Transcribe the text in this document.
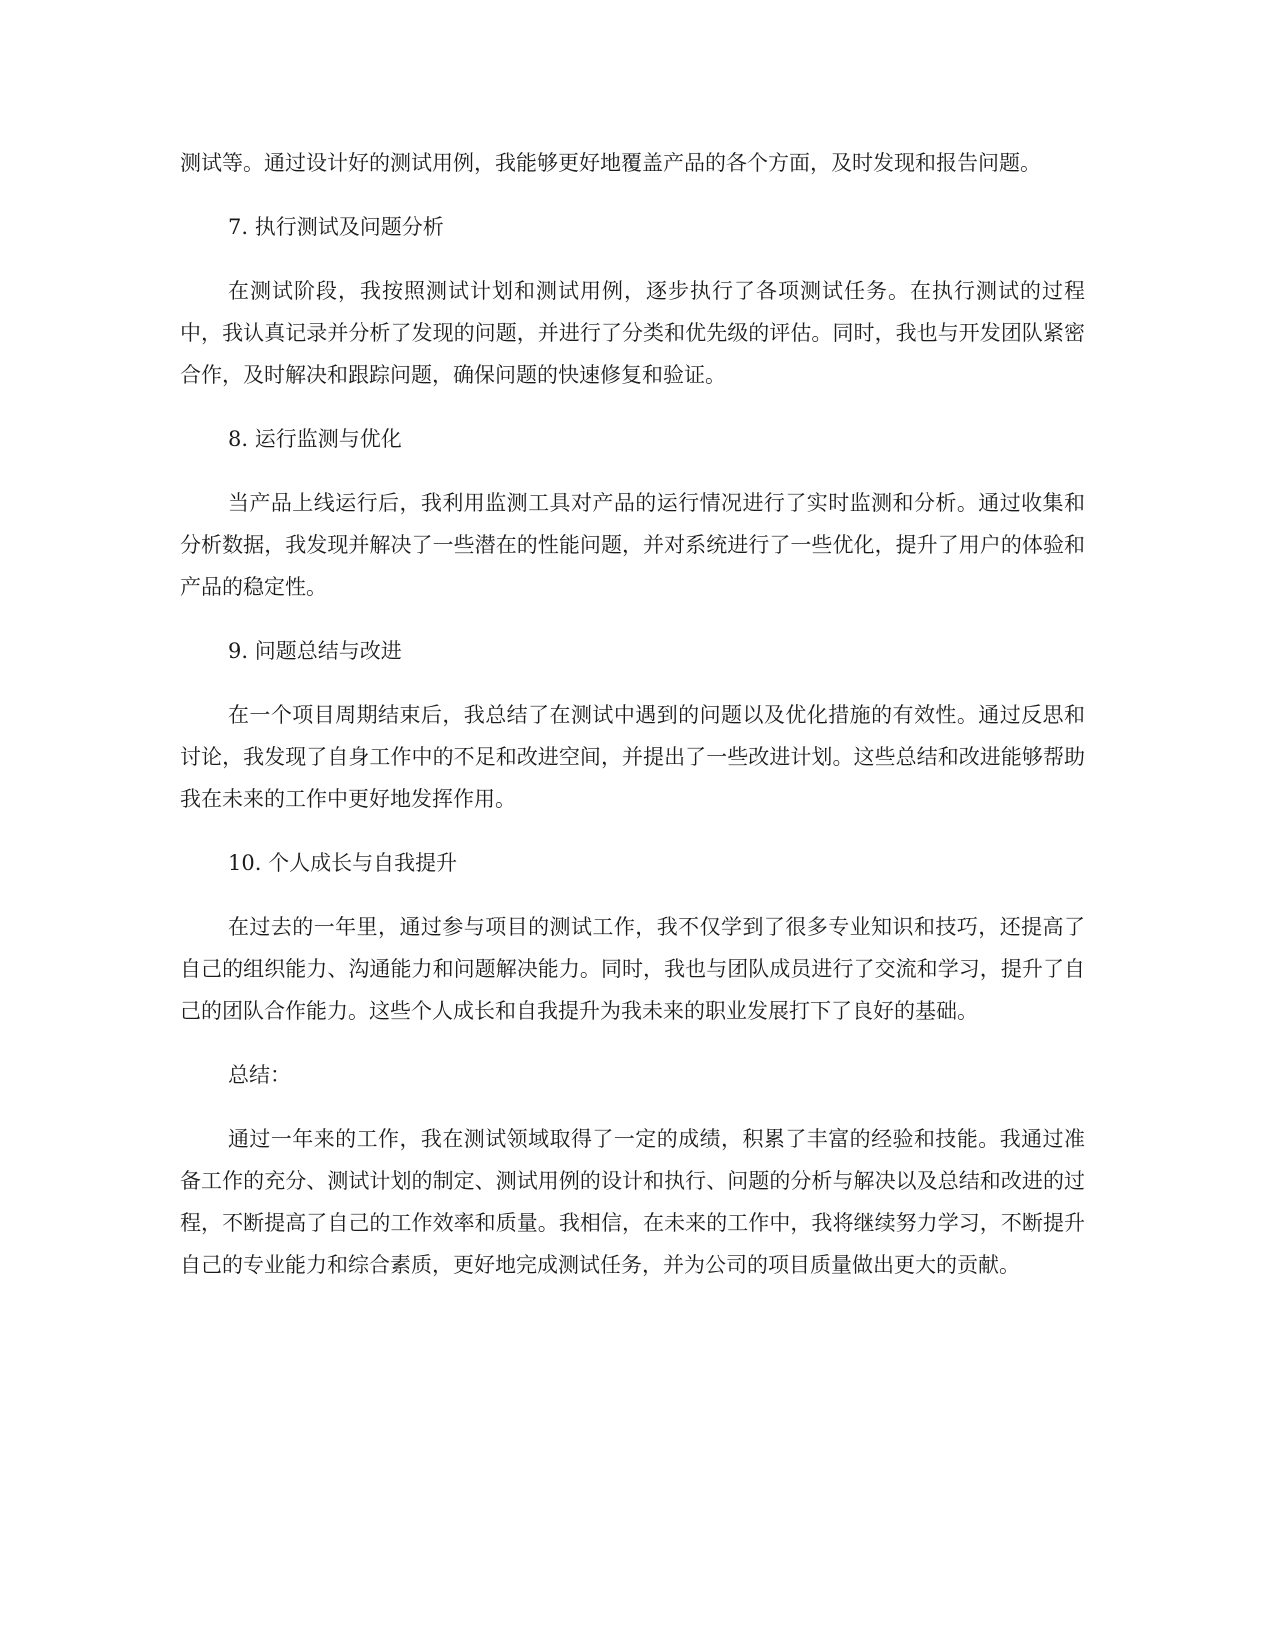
测试等。通过设计好的测试用例，我能够更好地覆盖产品的各个方面，及时发现和报告问题。

7. 执行测试及问题分析

在测试阶段，我按照测试计划和测试用例，逐步执行了各项测试任务。在执行测试的过程中，我认真记录并分析了发现的问题，并进行了分类和优先级的评估。同时，我也与开发团队紧密合作，及时解决和跟踪问题，确保问题的快速修复和验证。

8. 运行监测与优化

当产品上线运行后，我利用监测工具对产品的运行情况进行了实时监测和分析。通过收集和分析数据，我发现并解决了一些潜在的性能问题，并对系统进行了一些优化，提升了用户的体验和产品的稳定性。

9. 问题总结与改进

在一个项目周期结束后，我总结了在测试中遇到的问题以及优化措施的有效性。通过反思和讨论，我发现了自身工作中的不足和改进空间，并提出了一些改进计划。这些总结和改进能够帮助我在未来的工作中更好地发挥作用。

10. 个人成长与自我提升

在过去的一年里，通过参与项目的测试工作，我不仅学到了很多专业知识和技巧，还提高了自己的组织能力、沟通能力和问题解决能力。同时，我也与团队成员进行了交流和学习，提升了自己的团队合作能力。这些个人成长和自我提升为我未来的职业发展打下了良好的基础。

总结：

通过一年来的工作，我在测试领域取得了一定的成绩，积累了丰富的经验和技能。我通过准备工作的充分、测试计划的制定、测试用例的设计和执行、问题的分析与解决以及总结和改进的过程，不断提高了自己的工作效率和质量。我相信，在未来的工作中，我将继续努力学习，不断提升自己的专业能力和综合素质，更好地完成测试任务，并为公司的项目质量做出更大的贡献。
